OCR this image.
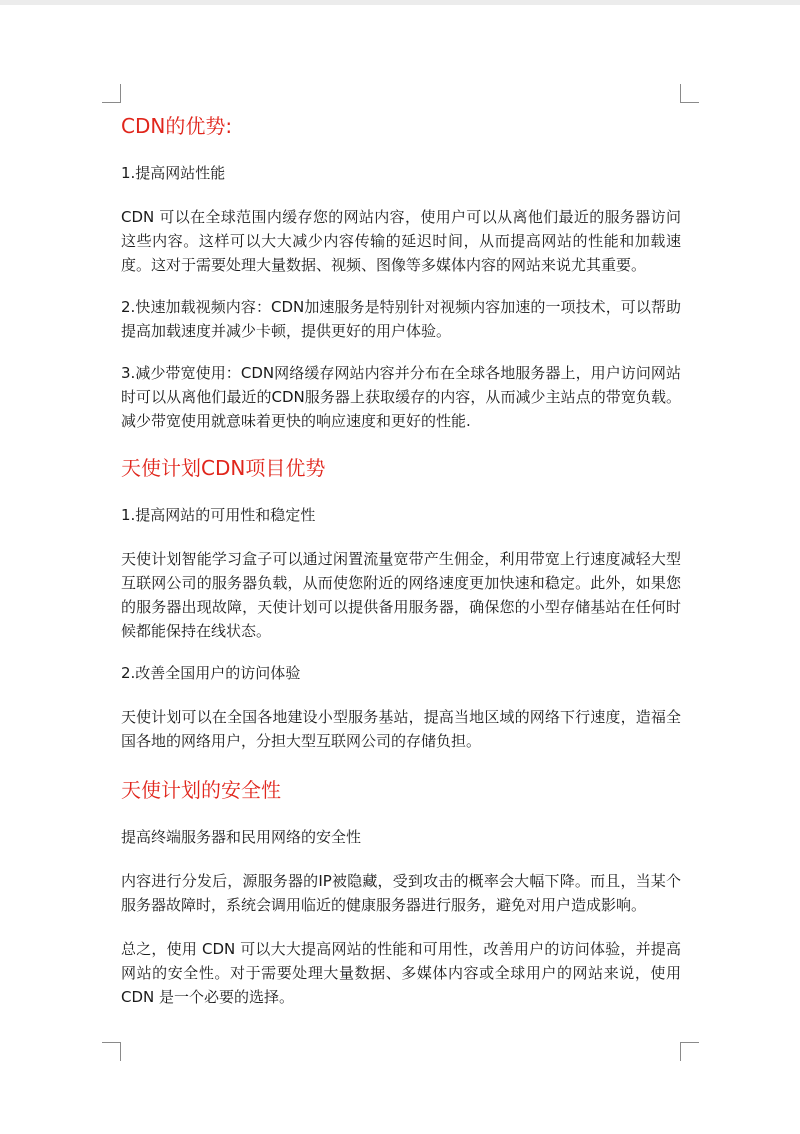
CDN的优势:

1.提高网站性能

CDN 可以在全球范围内缓存您的网站内容，使用户可以从离他们最近的服务器访问这些内容。这样可以大大减少内容传输的延迟时间，从而提高网站的性能和加载速度。这对于需要处理大量数据、视频、图像等多媒体内容的网站来说尤其重要。

2.快速加载视频内容：CDN加速服务是特别针对视频内容加速的一项技术，可以帮助提高加载速度并减少卡顿，提供更好的用户体验。

3.减少带宽使用：CDN网络缓存网站内容并分布在全球各地服务器上，用户访问网站时可以从离他们最近的CDN服务器上获取缓存的内容，从而减少主站点的带宽负载。减少带宽使用就意味着更快的响应速度和更好的性能.

天使计划CDN项目优势

1.提高网站的可用性和稳定性

天使计划智能学习盒子可以通过闲置流量宽带产生佣金，利用带宽上行速度减轻大型互联网公司的服务器负载，从而使您附近的网络速度更加快速和稳定。此外，如果您的服务器出现故障，天使计划可以提供备用服务器，确保您的小型存储基站在任何时候都能保持在线状态。

2.改善全国用户的访问体验

天使计划可以在全国各地建设小型服务基站，提高当地区域的网络下行速度，造福全国各地的网络用户，分担大型互联网公司的存储负担。

天使计划的安全性

提高终端服务器和民用网络的安全性

内容进行分发后，源服务器的IP被隐藏，受到攻击的概率会大幅下降。而且，当某个服务器故障时，系统会调用临近的健康服务器进行服务，避免对用户造成影响。

总之，使用 CDN 可以大大提高网站的性能和可用性，改善用户的访问体验，并提高网站的安全性。对于需要处理大量数据、多媒体内容或全球用户的网站来说，使用 CDN 是一个必要的选择。
